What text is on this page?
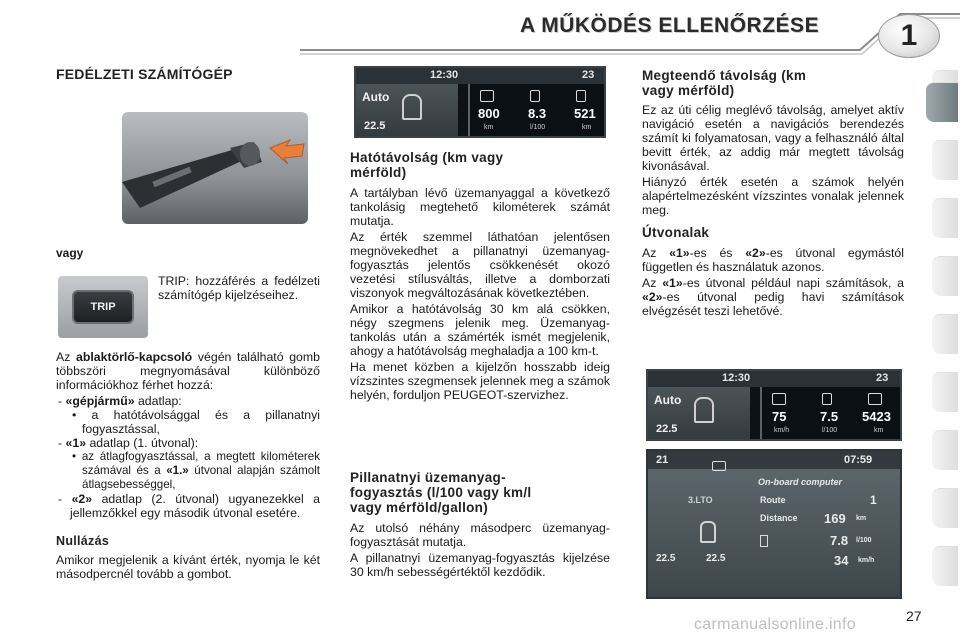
A MŰKÖDÉS ELLENŐRZÉSE	1
FEDÉLZETI SZÁMÍTÓGÉP
vagy
TRIP
TRIP: hozzáférés a fedélzeti számítógép kijelzéseihez.
Az ablaktörlő-kapcsoló végén található gomb többszöri megnyomásával különböző információkhoz férhet hozzá:
- «gépjármű» adatlap:
• a hatótávolsággal és a pillanatnyi fogyasztással,
- «1» adatlap (1. útvonal):
• az átlagfogyasztással, a megtett kilométerek számával és a «1.» útvonal alapján számolt átlagsebességgel,
- «2» adatlap (2. útvonal) ugyanezekkel a jellemzőkkel egy második útvonal esetére.
Nullázás
Amikor megjelenik a kívánt érték, nyomja le két másodpercnél tovább a gombot.
12:30	23
Auto
22.5
800
km
8.3
l/100
521
km
Hatótávolság (km vagy mérföld)
A tartályban lévő üzemanyaggal a következő tankolásig megtehető kilométerek számát mutatja.
Az érték szemmel láthatóan jelentősen megnövekedhet a pillanatnyi üzemanyag-fogyasztás jelentős csökkenését okozó vezetési stílusváltás, illetve a domborzati viszonyok megváltozásának következtében.
Amikor a hatótávolság 30 km alá csökken, négy szegmens jelenik meg. Üzemanyag-tankolás után a számérték ismét megjelenik, ahogy a hatótávolság meghaladja a 100 km-t.
Ha menet közben a kijelzőn hosszabb ideig vízszintes szegmensek jelennek meg a számok helyén, forduljon PEUGEOT-szervizhez.
Pillanatnyi üzemanyag-fogyasztás (l/100 vagy km/l vagy mérföld/gallon)
Az utolsó néhány másodperc üzemanyag-fogyasztását mutatja.
A pillanatnyi üzemanyag-fogyasztás kijelzése 30 km/h sebességértéktől kezdődik.
Megteendő távolság (km vagy mérföld)
Ez az úti célig meglévő távolság, amelyet aktív navigáció esetén a navigációs berendezés számít ki folyamatosan, vagy a felhasználó által bevitt érték, az addig már megtett távolság kivonásával.
Hiányzó érték esetén a számok helyén alapértelmezésként vízszintes vonalak jelennek meg.
Útvonalak
Az «1»-es és «2»-es útvonal egymástól független és használatuk azonos.
Az «1»-es útvonal például napi számítások, a «2»-es útvonal pedig havi számítások elvégzését teszi lehetővé.
12:30	23
Auto
22.5
75
km/h
7.5
l/100
5423
km
21	07:59
On-board computer
3.LTO	Route	1
Distance 169 km
7.8 l/100
34 km/h
22.5	22.5
27
carmanualsonline.info
